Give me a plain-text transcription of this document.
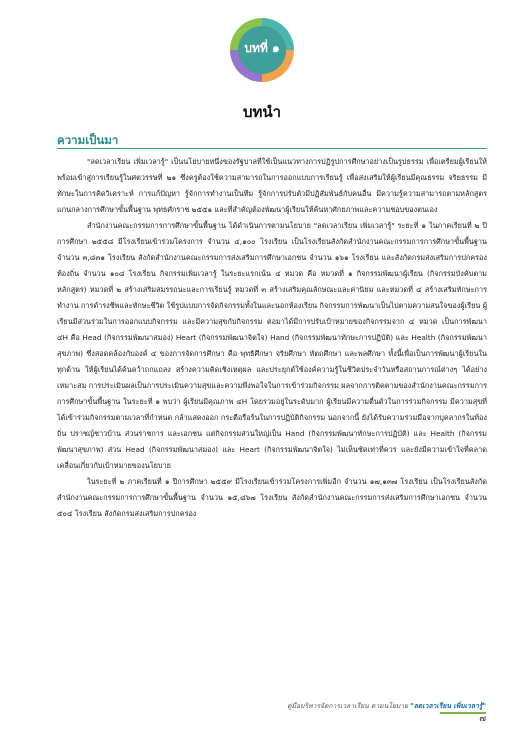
บทที่ ๑
บทนำ
ความเป็นมา

"ลดเวลาเรียน เพิ่มเวลารู้" เป็นนโยบายหนึ่งของรัฐบาลที่ใช้เป็นแนวทางการปฏิรูปการศึกษาอย่างเป็นรูปธรรม เพื่อเตรียมผู้เรียนให้พร้อมเข้าสู่การเรียนรู้ในศตวรรษที่ ๒๑ ซึ่งครูต้องใช้ความสามารถในการออกแบบการเรียนรู้ เพื่อส่งเสริมให้ผู้เรียนมีคุณธรรม จริยธรรม มีทักษะในการคิดวิเคราะห์ การแก้ปัญหา รู้จักการทำงานเป็นทีม รู้จักการปรับตัวมีปฏิสัมพันธ์กับคนอื่น มีความรู้ความสามารถตามหลักสูตรแกนกลางการศึกษาขั้นพื้นฐาน พุทธศักราช ๒๕๕๑ และที่สำคัญต้องพัฒนาผู้เรียนให้ค้นหาศักยภาพและความชอบของตนเอง

สำนักงานคณะกรรมการการศึกษาขั้นพื้นฐาน ได้ดำเนินการตามนโยบาย "ลดเวลาเรียน เพิ่มเวลารู้" ระยะที่ ๑ ในภาคเรียนที่ ๒ ปีการศึกษา ๒๕๕๘ มีโรงเรียนเข้าร่วมโครงการ จำนวน ๔,๑๐๐ โรงเรียน เป็นโรงเรียนสังกัดสำนักงานคณะกรรมการการศึกษาขั้นพื้นฐาน จำนวน ๓,๘๓๑ โรงเรียน สังกัดสำนักงานคณะกรรมการส่งเสริมการศึกษาเอกชน จำนวน ๑๖๑ โรงเรียน และสังกัดกรมส่งเสริมการปกครองท้องถิ่น จำนวน ๑๐๘ โรงเรียน กิจกรรมเพิ่มเวลารู้ ในระยะแรกเน้น ๔ หมวด คือ หมวดที่ ๑ กิจกรรมพัฒนาผู้เรียน (กิจกรรมบังคับตามหลักสูตร) หมวดที่ ๒ สร้างเสริมสมรรถนะและการเรียนรู้ หมวดที่ ๓ สร้างเสริมคุณลักษณะและค่านิยม และหมวดที่ ๔ สร้างเสริมทักษะการทำงาน การดำรงชีพและทักษะชีวิต ใช้รูปแบบการจัดกิจกรรมทั้งในและนอกห้องเรียน กิจกรรมการพัฒนาเป็นไปตามความสนใจของผู้เรียน ผู้เรียนมีส่วนร่วมในการออกแบบกิจกรรม และมีความสุขกับกิจกรรม ต่อมาได้มีการปรับเป้าหมายของกิจกรรมจาก ๔ หมวด เป็นการพัฒนา ๔H คือ Head (กิจกรรมพัฒนาสมอง) Heart (กิจกรรมพัฒนาจิตใจ) Hand (กิจกรรมพัฒนาทักษะการปฏิบัติ) และ Health (กิจกรรมพัฒนาสุขภาพ) ซึ่งสอดคล้องกับองค์ ๔ ของการจัดการศึกษา คือ พุทธิศึกษา จริยศึกษา หัตถศึกษา และพลศึกษา ทั้งนี้เพื่อเป็นการพัฒนาผู้เรียนในทุกด้าน ให้ผู้เรียนได้ค้นคว้าถกแถลง สร้างความคิดเชิงเหตุผล และประยุกต์ใช้องค์ความรู้ในชีวิตประจำวันหรือสถานการณ์ต่างๆ ได้อย่างเหมาะสม การประเมินผลเป็นการประเมินความสุขและความพึงพอใจในการเข้าร่วมกิจกรรม ผลจากการติดตามของสำนักงานคณะกรรมการการศึกษาขั้นพื้นฐาน ในระยะที่ ๑ พบว่า ผู้เรียนมีคุณภาพ ๔H โดยรวมอยู่ในระดับมาก ผู้เรียนมีความตื่นตัวในการร่วมกิจกรรม มีความสุขที่ได้เข้าร่วมกิจกรรมตามเวลาที่กำหนด กล้าแสดงออก กระตือรือร้นในการปฏิบัติกิจกรรม นอกจากนี้ ยังได้รับความร่วมมือจากบุคลากรในท้องถิ่น ปราชญ์ชาวบ้าน ส่วนราชการ และเอกชน แต่กิจกรรมส่วนใหญ่เป็น Hand (กิจกรรมพัฒนาทักษะการปฏิบัติ) และ Health (กิจกรรมพัฒนาสุขภาพ) ส่วน Head (กิจกรรมพัฒนาสมอง) และ Heart (กิจกรรมพัฒนาจิตใจ) ไม่เห็นชัดเท่าที่ควร และยังมีความเข้าใจที่คลาดเคลื่อนเกี่ยวกับเป้าหมายของนโยบาย

ในระยะที่ ๒ ภาคเรียนที่ ๑ ปีการศึกษา ๒๕๕๙ มีโรงเรียนเข้าร่วมโครงการเพิ่มอีก จำนวน ๑๗,๑๓๗ โรงเรียน เป็นโรงเรียนสังกัดสำนักงานคณะกรรมการการศึกษาขั้นพื้นฐาน จำนวน ๑๕,๘๖๗ โรงเรียน สังกัดสำนักงานคณะกรรมการส่งเสริมการศึกษาเอกชน จำนวน ๕๐๔ โรงเรียน สังกัดกรมส่งเสริมการปกครอง

คู่มือบริหารจัดการเวลาเรียน ตามนโยบาย "ลดเวลาเรียน เพิ่มเวลารู้" ๗
